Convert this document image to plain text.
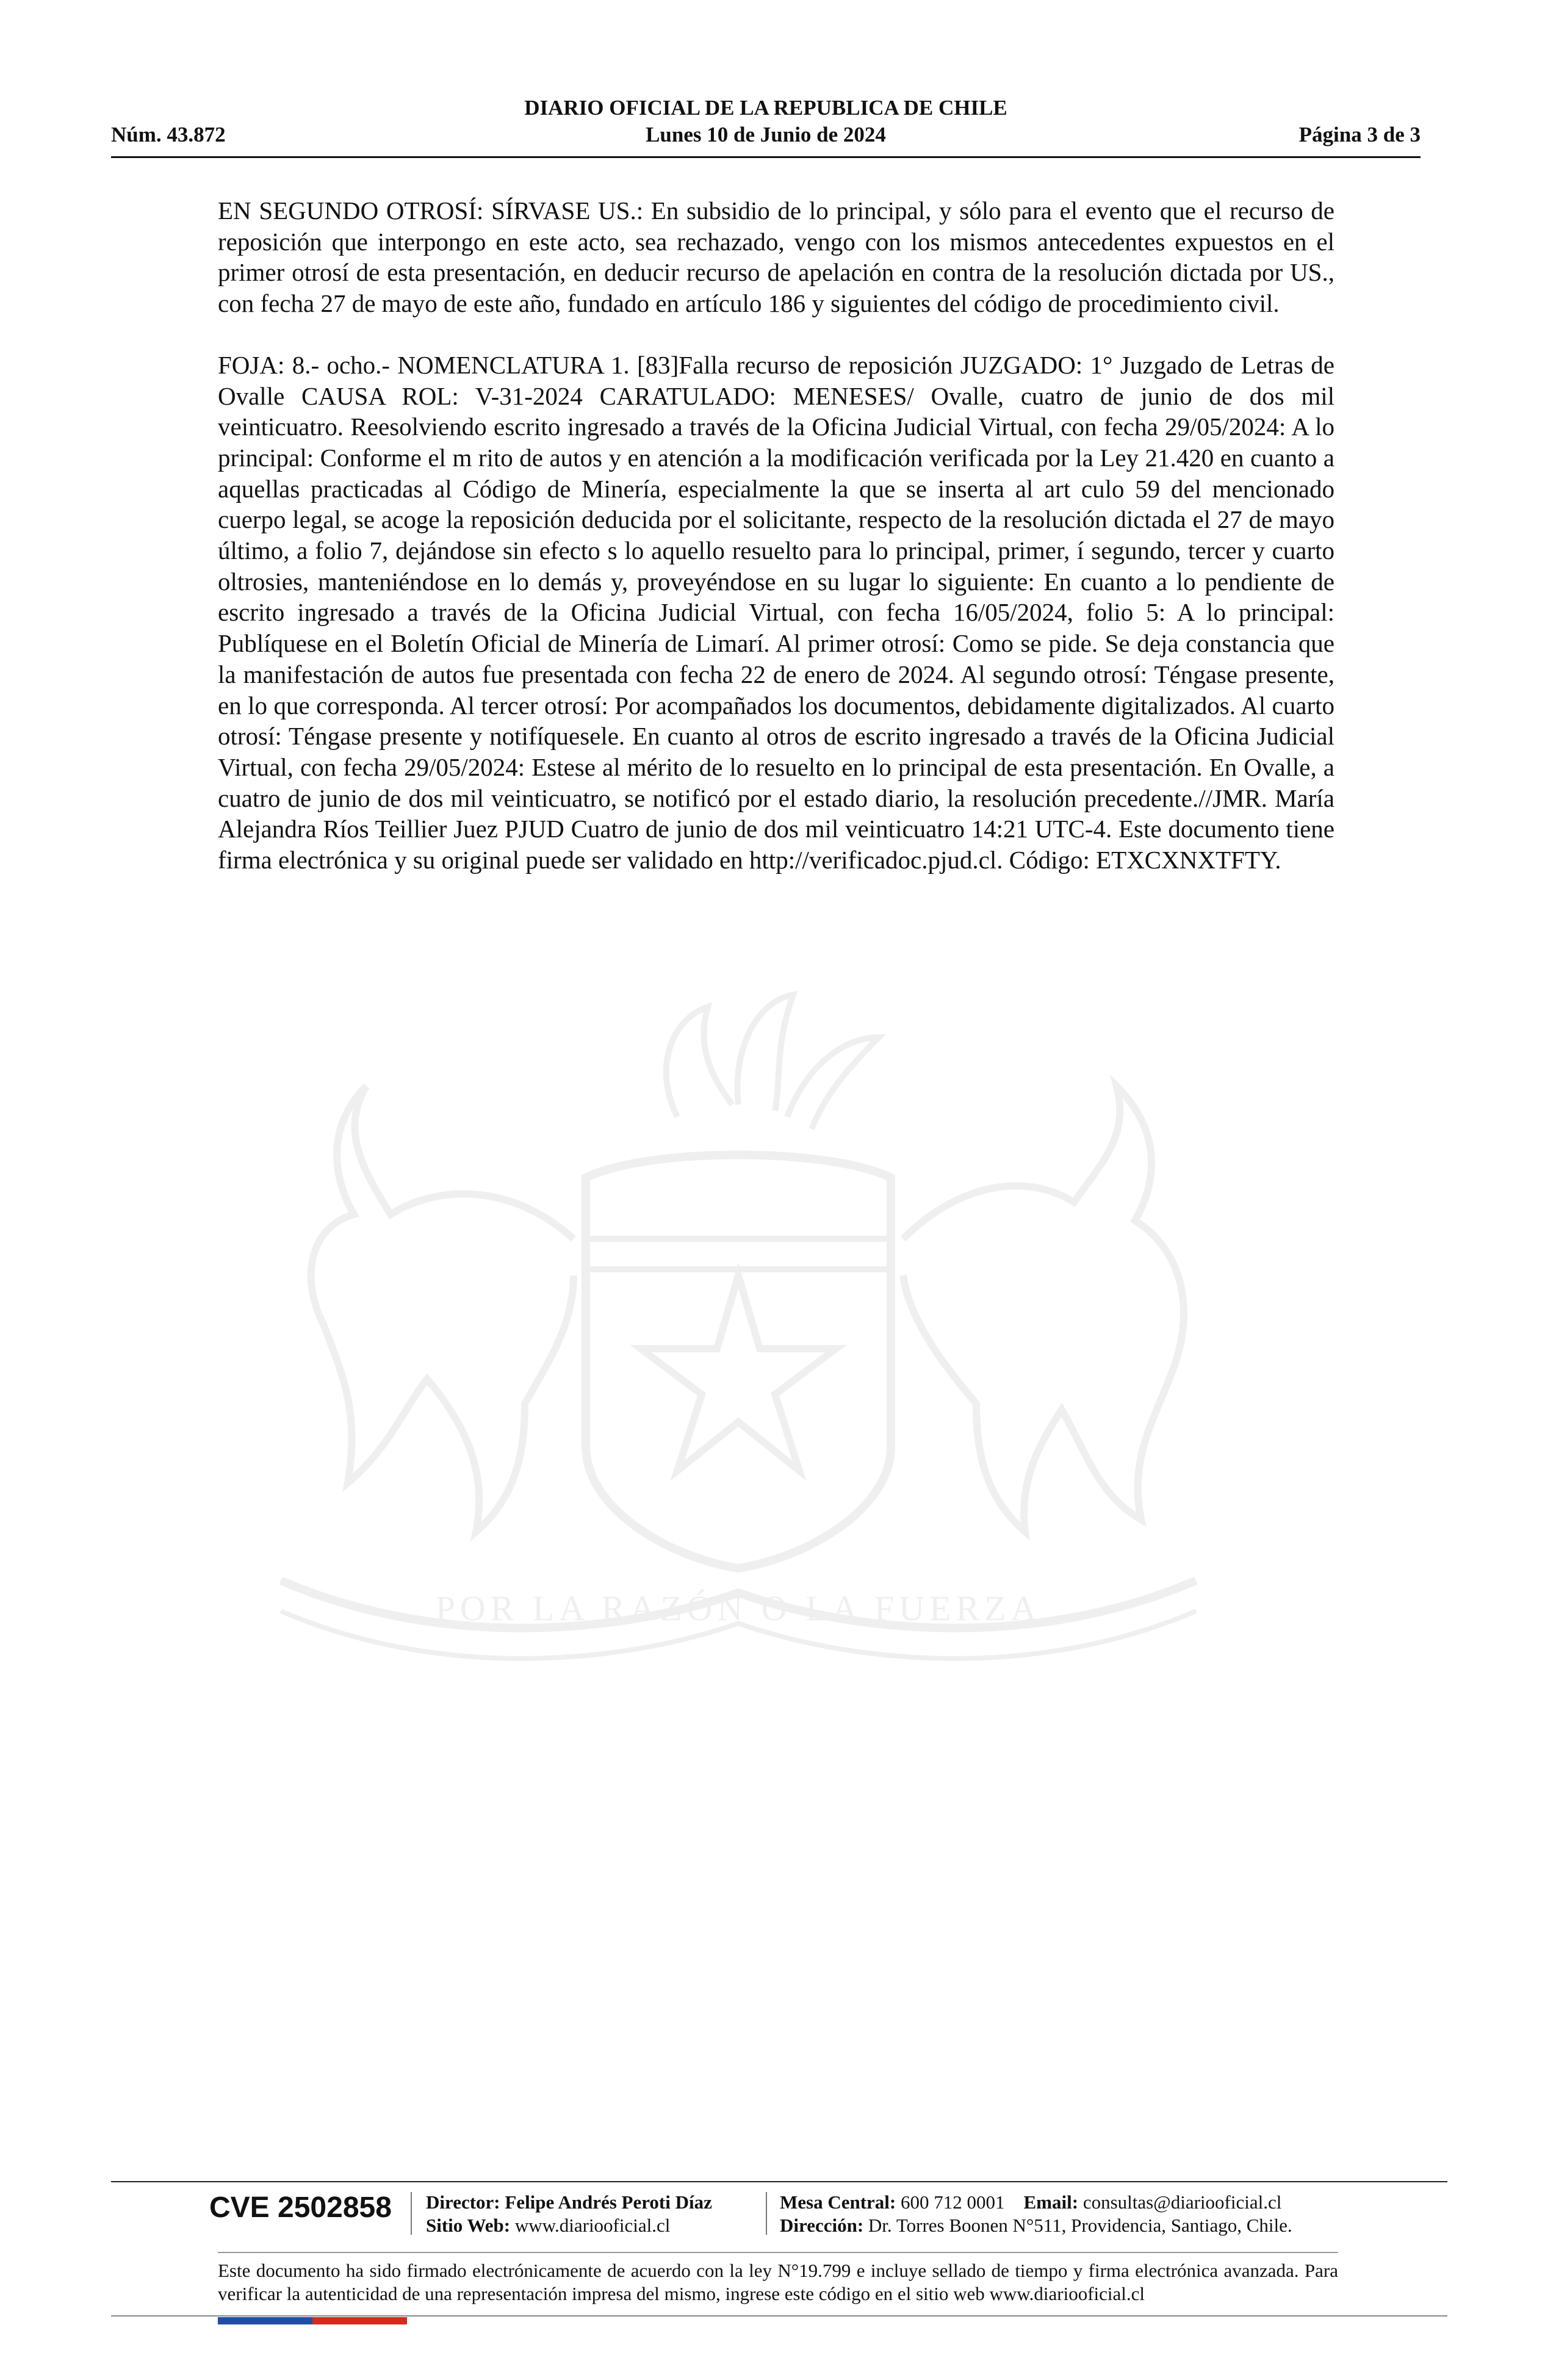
POR LA RAZÓN O LA FUERZA
DIARIO OFICIAL DE LA REPUBLICA DE CHILE
Núm. 43.872	Lunes 10 de Junio de 2024	Página 3 de 3

EN SEGUNDO OTROSÍ: SÍRVASE US.: En subsidio de lo principal, y sólo para el evento que el recurso de reposición que interpongo en este acto, sea rechazado, vengo con los mismos antecedentes expuestos en el primer otrosí de esta presentación, en deducir recurso de apelación en contra de la resolución dictada por US., con fecha 27 de mayo de este año, fundado en artículo 186 y siguientes del código de procedimiento civil.

FOJA: 8.- ocho.- NOMENCLATURA 1. [83]Falla recurso de reposición JUZGADO: 1° Juzgado de Letras de Ovalle CAUSA ROL: V-31-2024 CARATULADO: MENESES/ Ovalle, cuatro de junio de dos mil veinticuatro. Reesolviendo escrito ingresado a través de la Oficina Judicial Virtual, con fecha 29/05/2024: A lo principal: Conforme el m rito de autos y en atención a la modificación verificada por la Ley 21.420 en cuanto a aquellas practicadas al Código de Minería, especialmente la que se inserta al art culo 59 del mencionado cuerpo legal, se acoge la reposición deducida por el solicitante, respecto de la resolución dictada el 27 de mayo último, a folio 7, dejándose sin efecto s lo aquello resuelto para lo principal, primer, í segundo, tercer y cuarto oltrosies, manteniéndose en lo demás y, proveyéndose en su lugar lo siguiente: En cuanto a lo pendiente de escrito ingresado a través de la Oficina Judicial Virtual, con fecha 16/05/2024, folio 5: A lo principal: Publíquese en el Boletín Oficial de Minería de Limarí. Al primer otrosí: Como se pide. Se deja constancia que la manifestación de autos fue presentada con fecha 22 de enero de 2024. Al segundo otrosí: Téngase presente, en lo que corresponda. Al tercer otrosí: Por acompañados los documentos, debidamente digitalizados. Al cuarto otrosí: Téngase presente y notifíquesele. En cuanto al otros de escrito ingresado a través de la Oficina Judicial Virtual, con fecha 29/05/2024: Estese al mérito de lo resuelto en lo principal de esta presentación. En Ovalle, a cuatro de junio de dos mil veinticuatro, se notificó por el estado diario, la resolución precedente.//JMR. María Alejandra Ríos Teillier Juez PJUD Cuatro de junio de dos mil veinticuatro 14:21 UTC-4. Este documento tiene firma electrónica y su original puede ser validado en http://verificadoc.pjud.cl. Código: ETXCXNXTFTY.

CVE 2502858 Director: Felipe Andrés Peroti Díaz
Sitio Web: www.diariooficial.cl
Mesa Central: 600 712 0001 Email: consultas@diariooficial.cl
Dirección: Dr. Torres Boonen N°511, Providencia, Santiago, Chile.
Este documento ha sido firmado electrónicamente de acuerdo con la ley N°19.799 e incluye sellado de tiempo y firma electrónica avanzada. Para verificar la autenticidad de una representación impresa del mismo, ingrese este código en el sitio web www.diariooficial.cl
